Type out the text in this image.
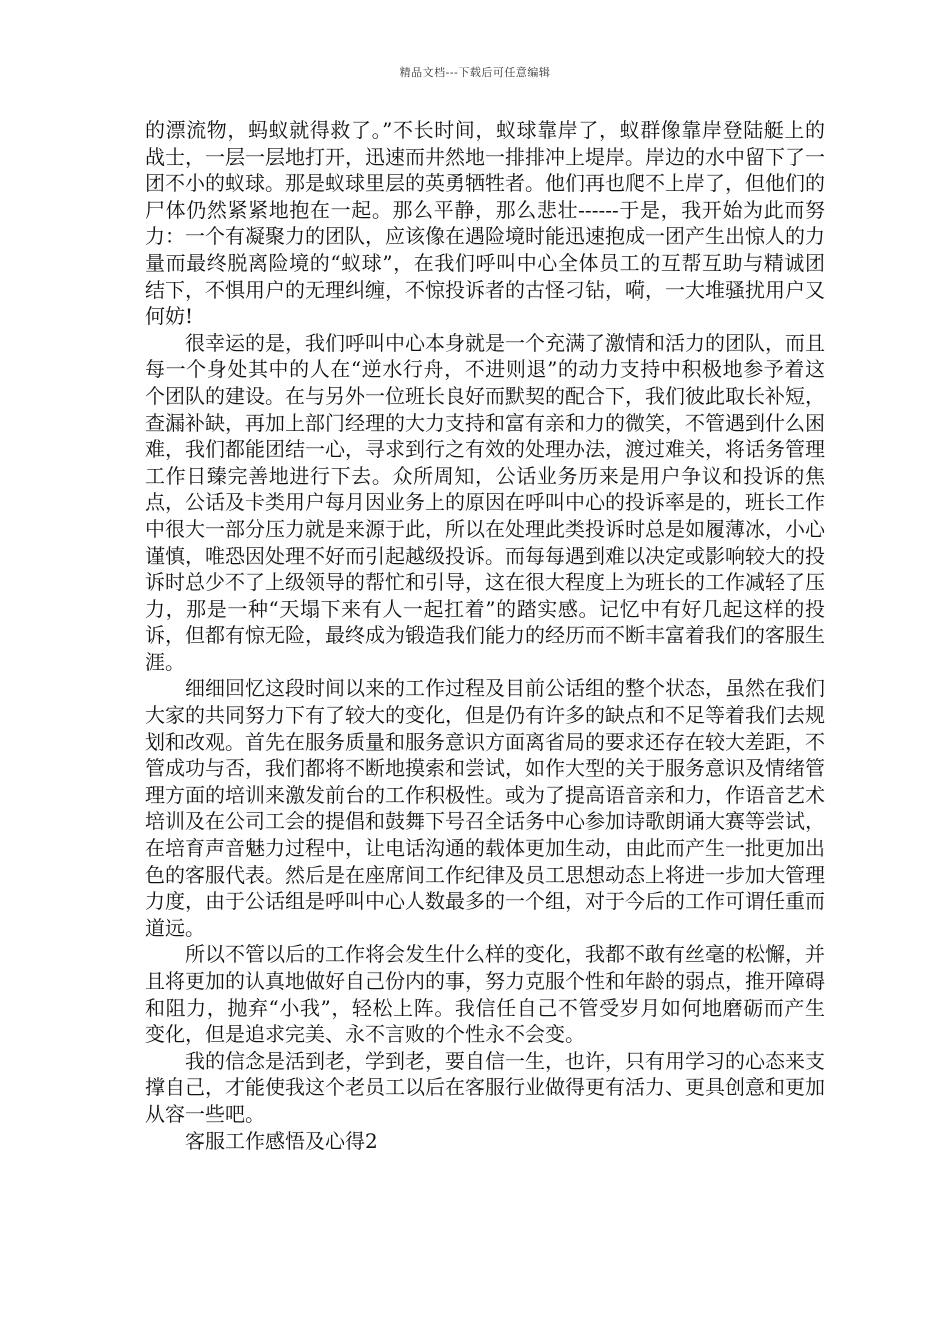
精品文档---下载后可任意编辑

的漂流物，蚂蚁就得救了。”不长时间，蚁球靠岸了，蚁群像靠岸登陆艇上的战士，一层一层地打开，迅速而井然地一排排冲上堤岸。岸边的水中留下了一团不小的蚁球。那是蚁球里层的英勇牺牲者。他们再也爬不上岸了，但他们的尸体仍然紧紧地抱在一起。那么平静，那么悲壮------于是，我开始为此而努力：一个有凝聚力的团队，应该像在遇险境时能迅速抱成一团产生出惊人的力量而最终脱离险境的“蚁球”，在我们呼叫中心全体员工的互帮互助与精诚团结下，不惧用户的无理纠缠，不惊投诉者的古怪刁钻，嗬，一大堆骚扰用户又何妨!

很幸运的是，我们呼叫中心本身就是一个充满了激情和活力的团队，而且每一个身处其中的人在“逆水行舟，不进则退”的动力支持中积极地参予着这个团队的建设。在与另外一位班长良好而默契的配合下，我们彼此取长补短，查漏补缺，再加上部门经理的大力支持和富有亲和力的微笑，不管遇到什么困难，我们都能团结一心，寻求到行之有效的处理办法，渡过难关，将话务管理工作日臻完善地进行下去。众所周知，公话业务历来是用户争议和投诉的焦点，公话及卡类用户每月因业务上的原因在呼叫中心的投诉率是的，班长工作中很大一部分压力就是来源于此，所以在处理此类投诉时总是如履薄冰，小心谨慎，唯恐因处理不好而引起越级投诉。而每每遇到难以决定或影响较大的投诉时总少不了上级领导的帮忙和引导，这在很大程度上为班长的工作减轻了压力，那是一种“天塌下来有人一起扛着”的踏实感。记忆中有好几起这样的投诉，但都有惊无险，最终成为锻造我们能力的经历而不断丰富着我们的客服生涯。

细细回忆这段时间以来的工作过程及目前公话组的整个状态，虽然在我们大家的共同努力下有了较大的变化，但是仍有许多的缺点和不足等着我们去规划和改观。首先在服务质量和服务意识方面离省局的要求还存在较大差距，不管成功与否，我们都将不断地摸索和尝试，如作大型的关于服务意识及情绪管理方面的培训来激发前台的工作积极性。或为了提高语音亲和力，作语音艺术培训及在公司工会的提倡和鼓舞下号召全话务中心参加诗歌朗诵大赛等尝试，在培育声音魅力过程中，让电话沟通的载体更加生动，由此而产生一批更加出色的客服代表。然后是在座席间工作纪律及员工思想动态上将进一步加大管理力度，由于公话组是呼叫中心人数最多的一个组，对于今后的工作可谓任重而道远。

所以不管以后的工作将会发生什么样的变化，我都不敢有丝毫的松懈，并且将更加的认真地做好自己份内的事，努力克服个性和年龄的弱点，推开障碍和阻力，抛弃“小我”，轻松上阵。我信任自己不管受岁月如何地磨砺而产生变化，但是追求完美、永不言败的个性永不会变。

我的信念是活到老，学到老，要自信一生，也许，只有用学习的心态来支撑自己，才能使我这个老员工以后在客服行业做得更有活力、更具创意和更加从容一些吧。

客服工作感悟及心得2
